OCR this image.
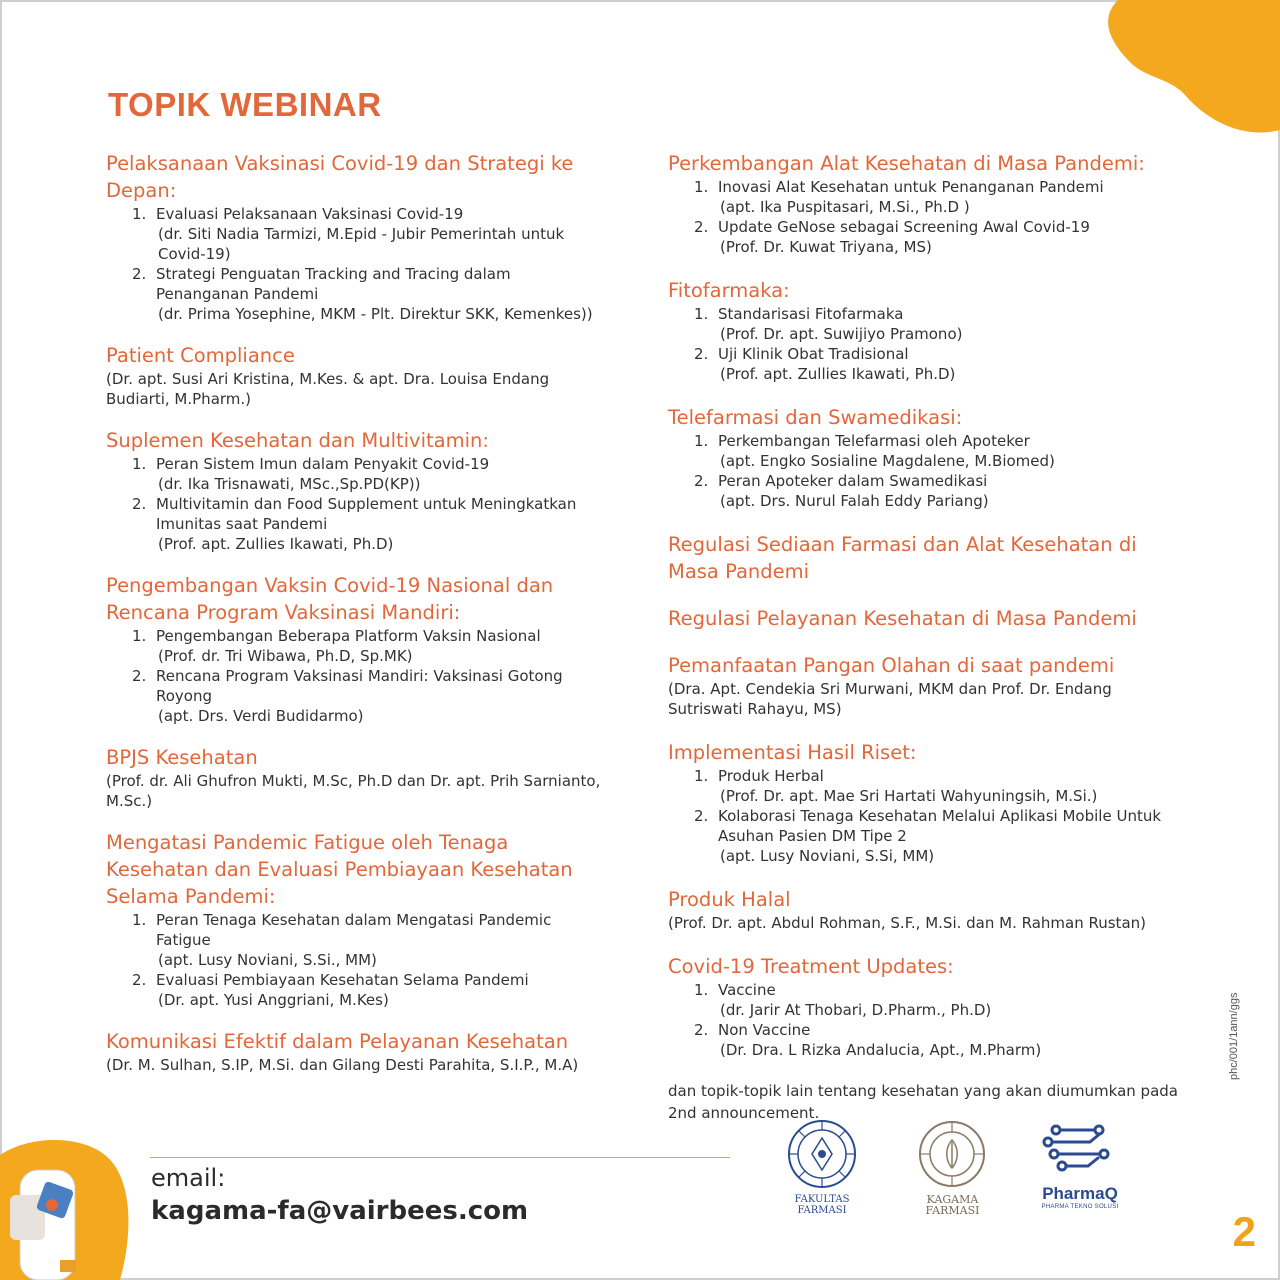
TOPIK WEBINAR
Pelaksanaan Vaksinasi Covid-19 dan Strategi ke Depan:
1. Evaluasi Pelaksanaan Vaksinasi Covid-19
(dr. Siti Nadia Tarmizi, M.Epid - Jubir Pemerintah untuk Covid-19)
2. Strategi Penguatan Tracking and Tracing dalam Penanganan Pandemi
(dr. Prima Yosephine, MKM - Plt. Direktur SKK, Kemenkes))
Patient Compliance
(Dr. apt. Susi Ari Kristina, M.Kes. & apt. Dra. Louisa Endang Budiarti, M.Pharm.)
Suplemen Kesehatan dan Multivitamin:
1. Peran Sistem Imun dalam Penyakit Covid-19
(dr. Ika Trisnawati, MSc.,Sp.PD(KP))
2. Multivitamin dan Food Supplement untuk Meningkatkan Imunitas saat Pandemi
(Prof. apt. Zullies Ikawati, Ph.D)
Pengembangan Vaksin Covid-19 Nasional dan Rencana Program Vaksinasi Mandiri:
1. Pengembangan Beberapa Platform Vaksin Nasional
(Prof. dr. Tri Wibawa, Ph.D, Sp.MK)
2. Rencana Program Vaksinasi Mandiri: Vaksinasi Gotong Royong
(apt. Drs. Verdi Budidarmo)
BPJS Kesehatan
(Prof. dr. Ali Ghufron Mukti, M.Sc, Ph.D dan Dr. apt. Prih Sarnianto, M.Sc.)
Mengatasi Pandemic Fatigue oleh Tenaga Kesehatan dan Evaluasi Pembiayaan Kesehatan Selama Pandemi:
1. Peran Tenaga Kesehatan dalam Mengatasi Pandemic Fatigue
(apt. Lusy Noviani, S.Si., MM)
2. Evaluasi Pembiayaan Kesehatan Selama Pandemi
(Dr. apt. Yusi Anggriani, M.Kes)
Komunikasi Efektif dalam Pelayanan Kesehatan
(Dr. M. Sulhan, S.IP, M.Si. dan Gilang Desti Parahita, S.I.P., M.A)
Perkembangan Alat Kesehatan di Masa Pandemi:
1. Inovasi Alat Kesehatan untuk Penanganan Pandemi
(apt. Ika Puspitasari, M.Si., Ph.D )
2. Update GeNose sebagai Screening Awal Covid-19
(Prof. Dr. Kuwat Triyana, MS)
Fitofarmaka:
1. Standarisasi Fitofarmaka
(Prof. Dr. apt. Suwijiyo Pramono)
2. Uji Klinik Obat Tradisional
(Prof. apt. Zullies Ikawati, Ph.D)
Telefarmasi dan Swamedikasi:
1. Perkembangan Telefarmasi oleh Apoteker
(apt. Engko Sosialine Magdalene, M.Biomed)
2. Peran Apoteker dalam Swamedikasi
(apt. Drs. Nurul Falah Eddy Pariang)
Regulasi Sediaan Farmasi dan Alat Kesehatan di Masa Pandemi
Regulasi Pelayanan Kesehatan di Masa Pandemi
Pemanfaatan Pangan Olahan di saat pandemi
(Dra. Apt. Cendekia Sri Murwani, MKM dan Prof. Dr. Endang Sutriswati Rahayu, MS)
Implementasi Hasil Riset:
1. Produk Herbal
(Prof. Dr. apt. Mae Sri Hartati Wahyuningsih, M.Si.)
2. Kolaborasi Tenaga Kesehatan Melalui Aplikasi Mobile Untuk Asuhan Pasien DM Tipe 2
(apt. Lusy Noviani, S.Si, MM)
Produk Halal
(Prof. Dr. apt. Abdul Rohman, S.F., M.Si. dan M. Rahman Rustan)
Covid-19 Treatment Updates:
1. Vaccine
(dr. Jarir At Thobari, D.Pharm., Ph.D)
2. Non Vaccine
(Dr. Dra. L Rizka Andalucia, Apt., M.Pharm)
dan topik-topik lain tentang kesehatan yang akan diumumkan pada 2nd announcement.
email:
kagama-fa@vairbees.com	FAKULTAS
FARMASI
KAGAMA
FARMASI
PharmaQ
PHARMA TEKNO SOLUSI
2
phc/001/1ann/ggs
